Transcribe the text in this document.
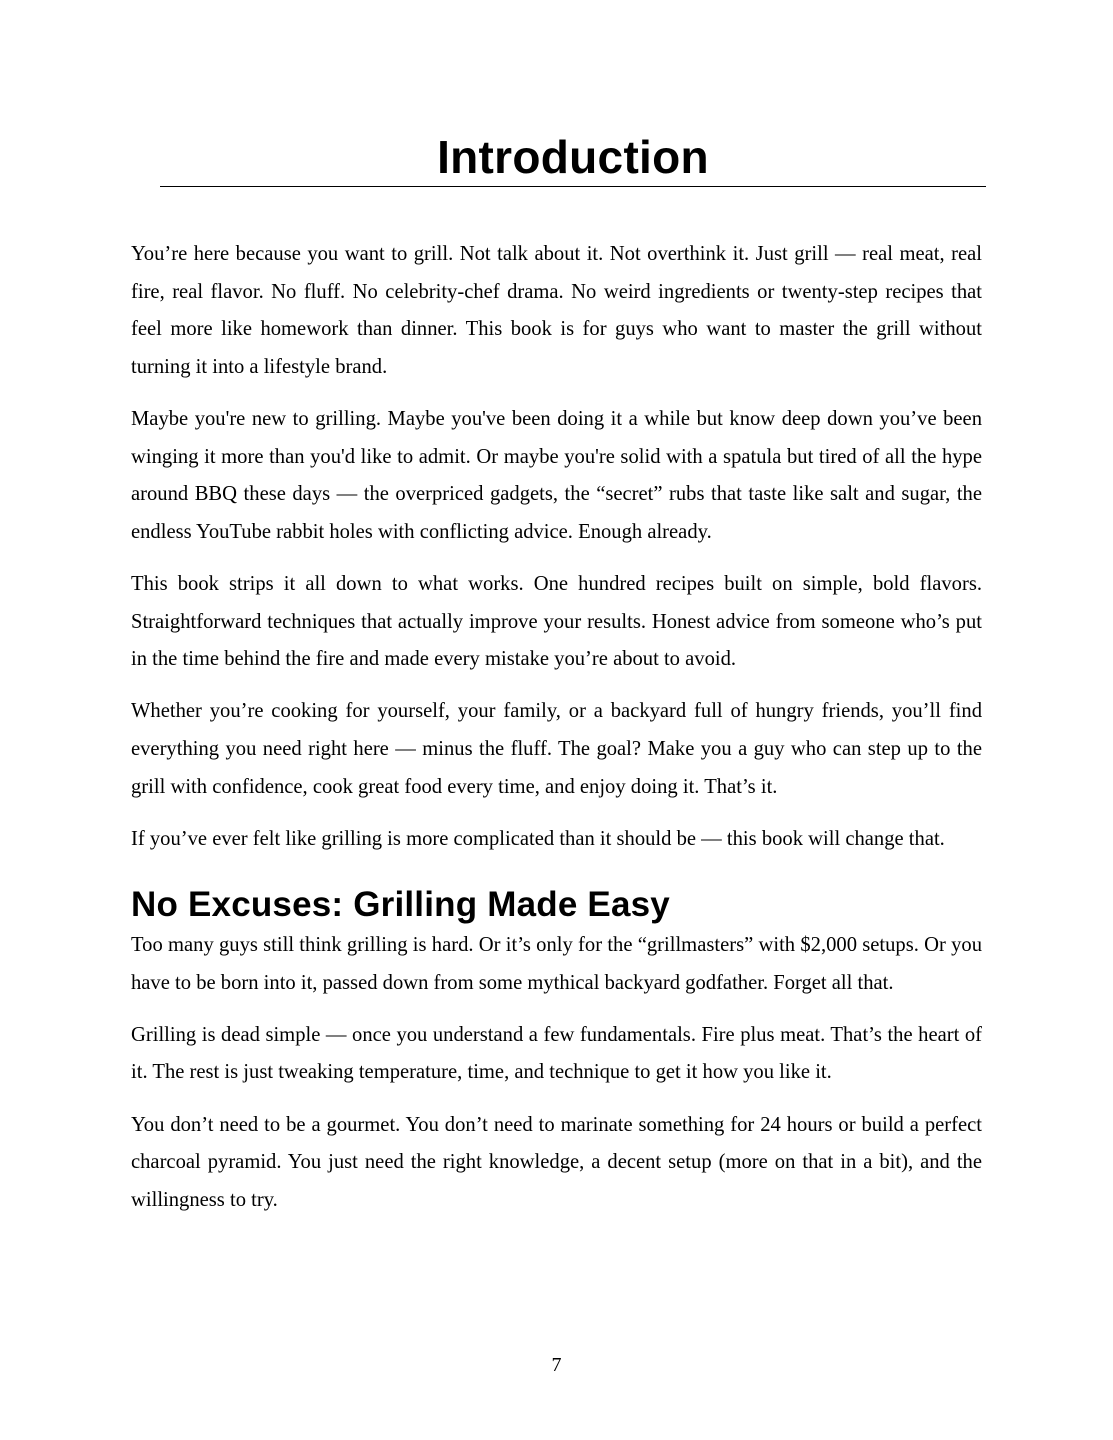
Introduction

You’re here because you want to grill. Not talk about it. Not overthink it. Just grill — real meat, real fire, real flavor. No fluff. No celebrity-chef drama. No weird ingredients or twenty-step recipes that feel more like homework than dinner. This book is for guys who want to master the grill without turning it into a lifestyle brand.

Maybe you're new to grilling. Maybe you've been doing it a while but know deep down you’ve been winging it more than you'd like to admit. Or maybe you're solid with a spatula but tired of all the hype around BBQ these days — the overpriced gadgets, the “secret” rubs that taste like salt and sugar, the endless YouTube rabbit holes with conflicting advice. Enough already.

This book strips it all down to what works. One hundred recipes built on simple, bold flavors. Straightforward techniques that actually improve your results. Honest advice from someone who’s put in the time behind the fire and made every mistake you’re about to avoid.

Whether you’re cooking for yourself, your family, or a backyard full of hungry friends, you’ll find everything you need right here — minus the fluff. The goal? Make you a guy who can step up to the grill with confidence, cook great food every time, and enjoy doing it. That’s it.

If you’ve ever felt like grilling is more complicated than it should be — this book will change that.

No Excuses: Grilling Made Easy

Too many guys still think grilling is hard. Or it’s only for the “grillmasters” with $2,000 setups. Or you have to be born into it, passed down from some mythical backyard godfather. Forget all that.

Grilling is dead simple — once you understand a few fundamentals. Fire plus meat. That’s the heart of it. The rest is just tweaking temperature, time, and technique to get it how you like it.

You don’t need to be a gourmet. You don’t need to marinate something for 24 hours or build a perfect charcoal pyramid. You just need the right knowledge, a decent setup (more on that in a bit), and the willingness to try.

7
